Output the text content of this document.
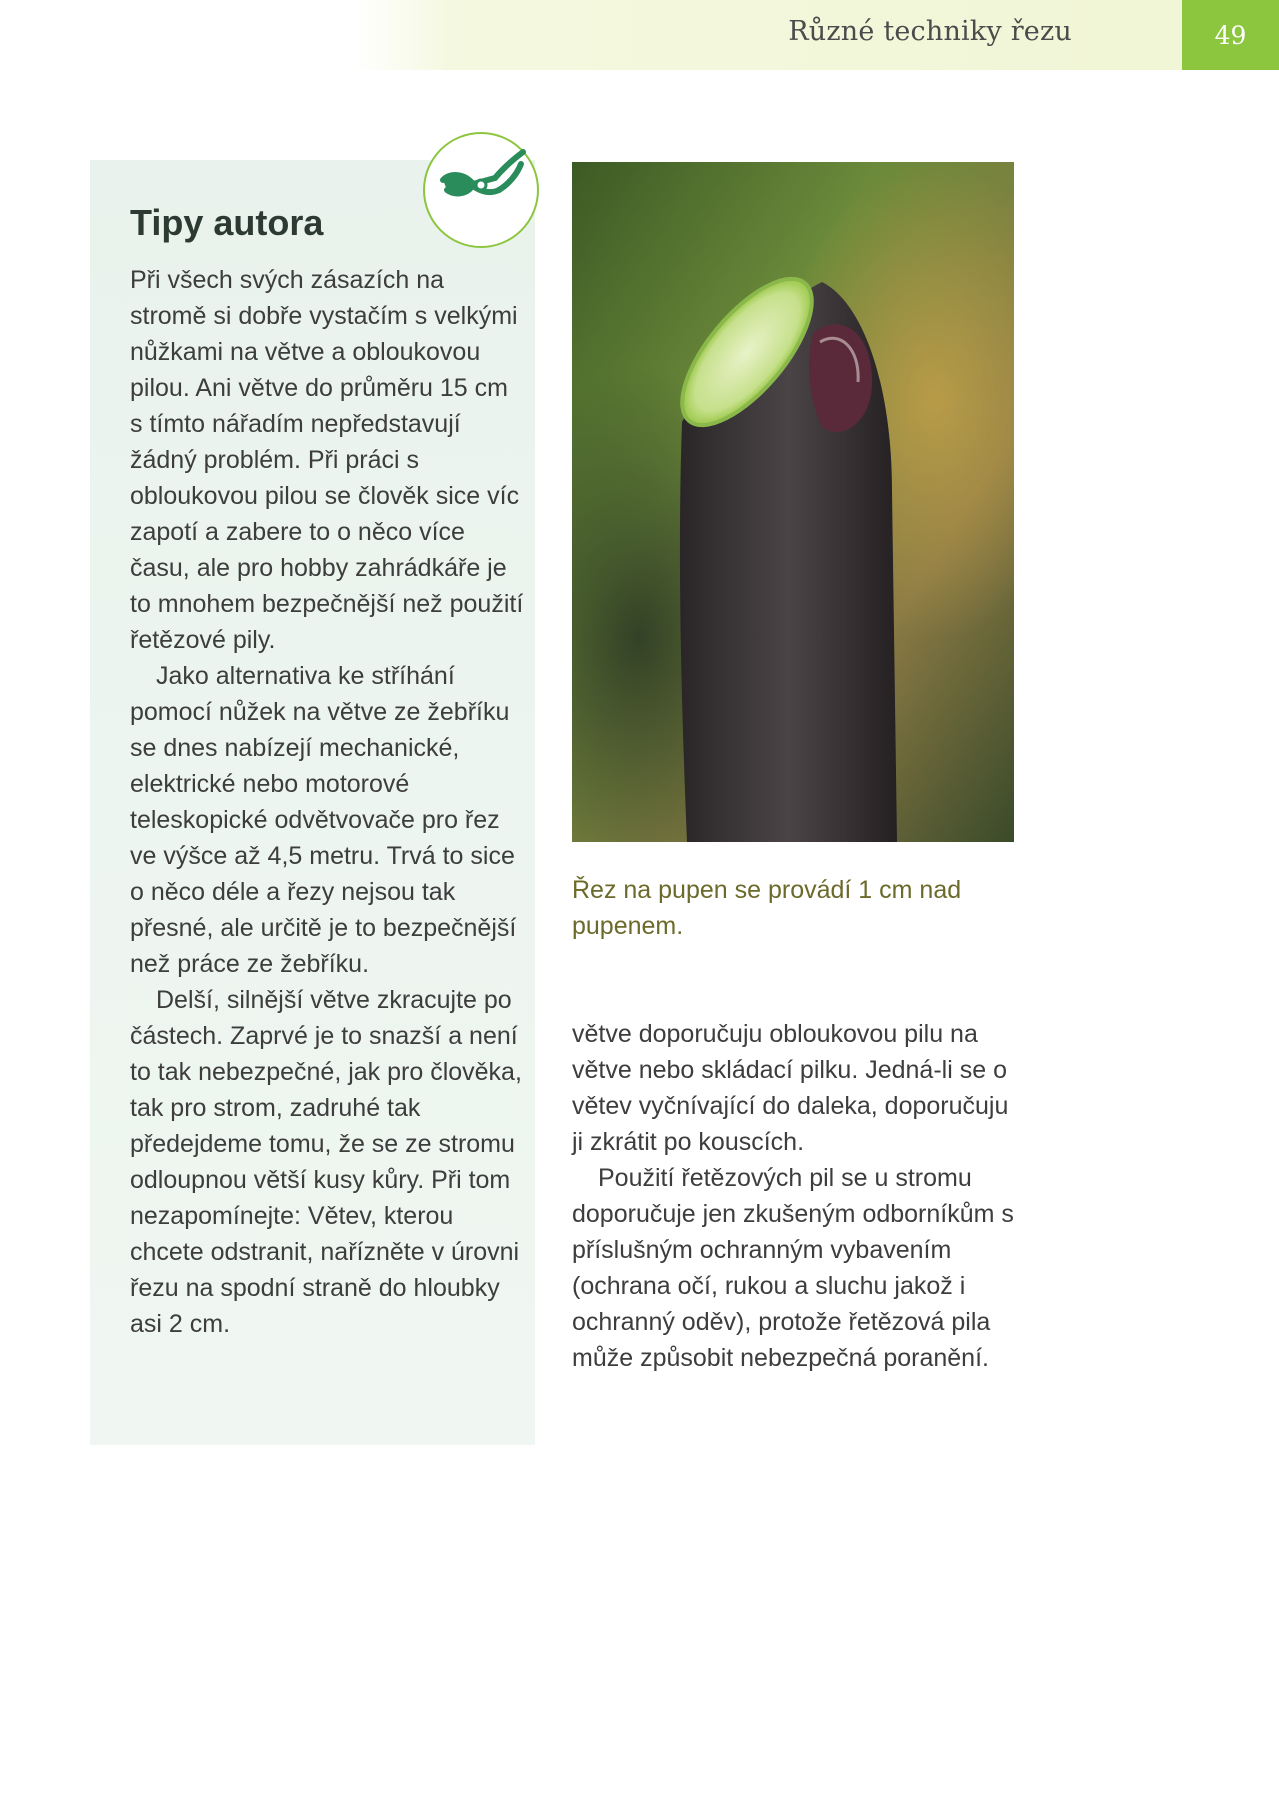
Různé techniky řezu	49
Tipy autora

Při všech svých zásazích na stromě si dobře vystačím s velkými nůžkami na větve a obloukovou pilou. Ani větve do průměru 15 cm s tímto nářadím nepředstavují žádný problém. Při práci s obloukovou pilou se člověk sice víc zapotí a zabere to o něco více času, ale pro hobby zahrádkáře je to mnohem bezpečnější než použití řetězové pily.

Jako alternativa ke stříhání pomocí nůžek na větve ze žebříku se dnes nabízejí mechanické, elektrické nebo motorové teleskopické odvětvovače pro řez ve výšce až 4,5 metru. Trvá to sice o něco déle a řezy nejsou tak přesné, ale určitě je to bezpečnější než práce ze žebříku.

Delší, silnější větve zkracujte po částech. Zaprvé je to snazší a není to tak nebezpečné, jak pro člověka, tak pro strom, zadruhé tak předejdeme tomu, že se ze stromu odloupnou větší kusy kůry. Při tom nezapomínejte: Větev, kterou chcete odstranit, nařízněte v úrovni řezu na spodní straně do hloubky asi 2 cm.

Řez na pupen se provádí 1 cm nad pupenem.

větve doporučuju obloukovou pilu na větve nebo skládací pilku. Jedná-li se o větev vyčnívající do daleka, doporučuju ji zkrátit po kouscích.

Použití řetězových pil se u stromu doporučuje jen zkušeným odborníkům s příslušným ochranným vybavením (ochrana očí, rukou a sluchu jakož i ochranný oděv), protože řetězová pila může způsobit nebezpečná poranění.
